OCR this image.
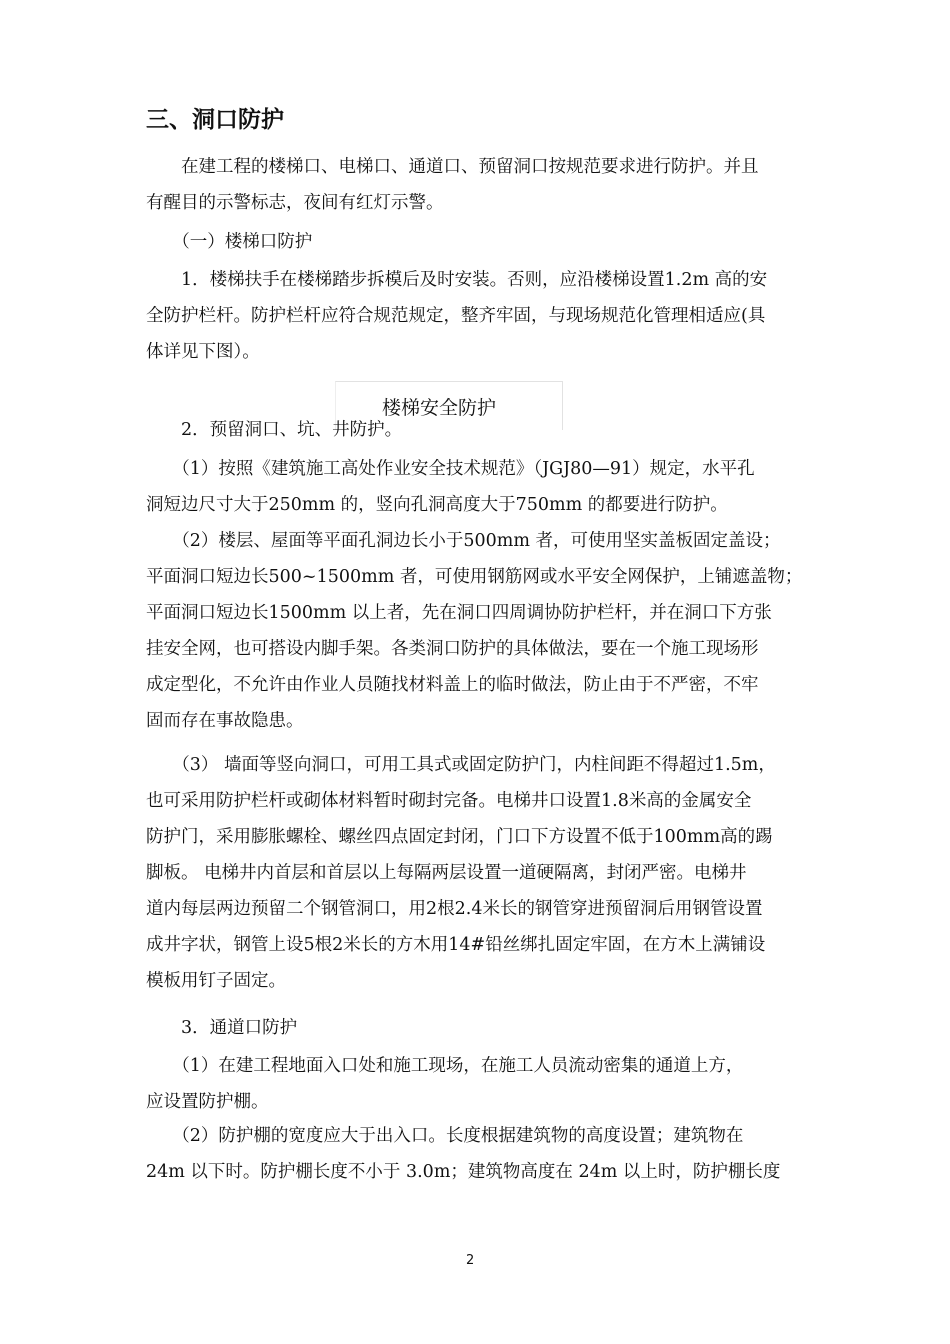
三、洞口防护
　　在建工程的楼梯口、电梯口、通道口、预留洞口按规范要求进行防护。并且
有醒目的示警标志，夜间有红灯示警。
　　（一）楼梯口防护
　　1．楼梯扶手在楼梯踏步拆模后及时安装。否则，应沿楼梯设置1.2m 高的安
全防护栏杆。防护栏杆应符合规范规定，整齐牢固，与现场规范化管理相适应(具
体详见下图）。
楼梯安全防护
　　2．预留洞口、坑、井防护。
　　（1）按照《建筑施工高处作业安全技术规范》（JGJ80—91）规定，水平孔
洞短边尺寸大于250mm 的，竖向孔洞高度大于750mm 的都要进行防护。
　　（2）楼层、屋面等平面孔洞边长小于500mm 者，可使用坚实盖板固定盖设；
平面洞口短边长500~1500mm 者，可使用钢筋网或水平安全网保护，上铺遮盖物；
平面洞口短边长1500mm 以上者，先在洞口四周调协防护栏杆，并在洞口下方张
挂安全网，也可搭设内脚手架。各类洞口防护的具体做法，要在一个施工现场形
成定型化，不允许由作业人员随找材料盖上的临时做法，防止由于不严密，不牢
固而存在事故隐患。
　　（3） 墙面等竖向洞口，可用工具式或固定防护门，内柱间距不得超过1.5m，
也可采用防护栏杆或砌体材料暂时砌封完备。电梯井口设置1.8米高的金属安全
防护门，采用膨胀螺栓、螺丝四点固定封闭，门口下方设置不低于100mm高的踢
脚板。 电梯井内首层和首层以上每隔两层设置一道硬隔离，封闭严密。电梯井
道内每层两边预留二个钢管洞口，用2根2.4米长的钢管穿进预留洞后用钢管设置
成井字状，钢管上设5根2米长的方木用14#铅丝绑扎固定牢固，在方木上满铺设
模板用钉子固定。
　　3．通道口防护
　　（1）在建工程地面入口处和施工现场，在施工人员流动密集的通道上方，
应设置防护棚。
　　（2）防护棚的宽度应大于出入口。长度根据建筑物的高度设置；建筑物在
24m 以下时。防护棚长度不小于 3.0m；建筑物高度在 24m 以上时，防护棚长度
2
